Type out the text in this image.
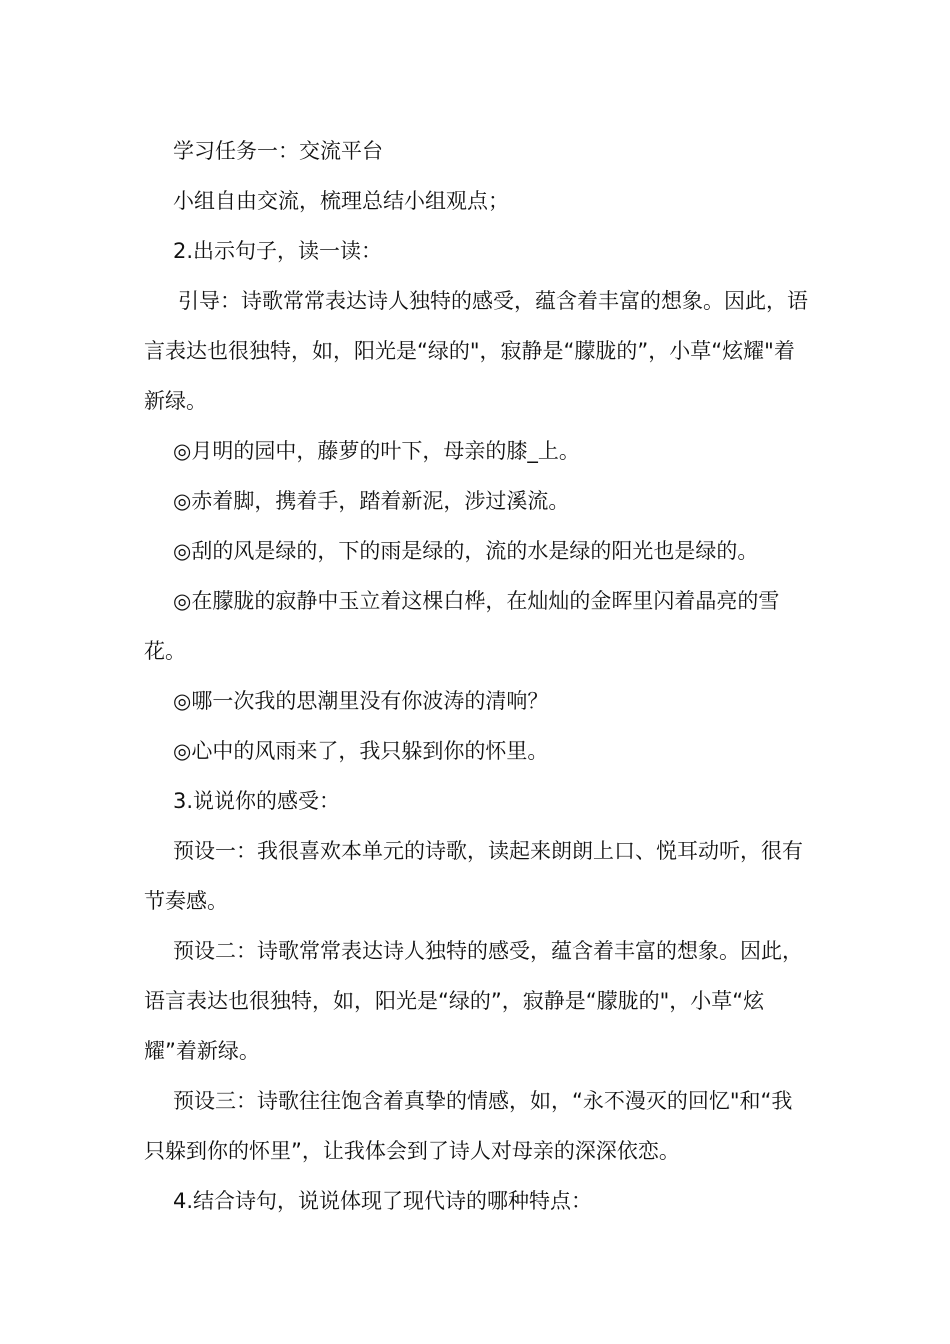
学习任务一：交流平台

小组自由交流，梳理总结小组观点；

2.出示句子，读一读：

引导：诗歌常常表达诗人独特的感受，蕴含着丰富的想象。因此，语言表达也很独特，如，阳光是“绿的"，寂静是“朦胧的”，小草“炫耀"着新绿。

◎月明的园中，藤萝的叶下，母亲的膝_上。

◎赤着脚，携着手，踏着新泥，涉过溪流。

◎刮的风是绿的，下的雨是绿的，流的水是绿的阳光也是绿的。

◎在朦胧的寂静中玉立着这棵白桦，在灿灿的金晖里闪着晶亮的雪花。

◎哪一次我的思潮里没有你波涛的清响？

◎心中的风雨来了，我只躲到你的怀里。

3.说说你的感受：

预设一：我很喜欢本单元的诗歌，读起来朗朗上口、悦耳动听，很有节奏感。

预设二：诗歌常常表达诗人独特的感受，蕴含着丰富的想象。因此，语言表达也很独特，如，阳光是“绿的”，寂静是“朦胧的"，小草“炫耀”着新绿。

预设三：诗歌往往饱含着真挚的情感，如，“永不漫灭的回忆"和“我只躲到你的怀里”，让我体会到了诗人对母亲的深深依恋。

4.结合诗句，说说体现了现代诗的哪种特点：
